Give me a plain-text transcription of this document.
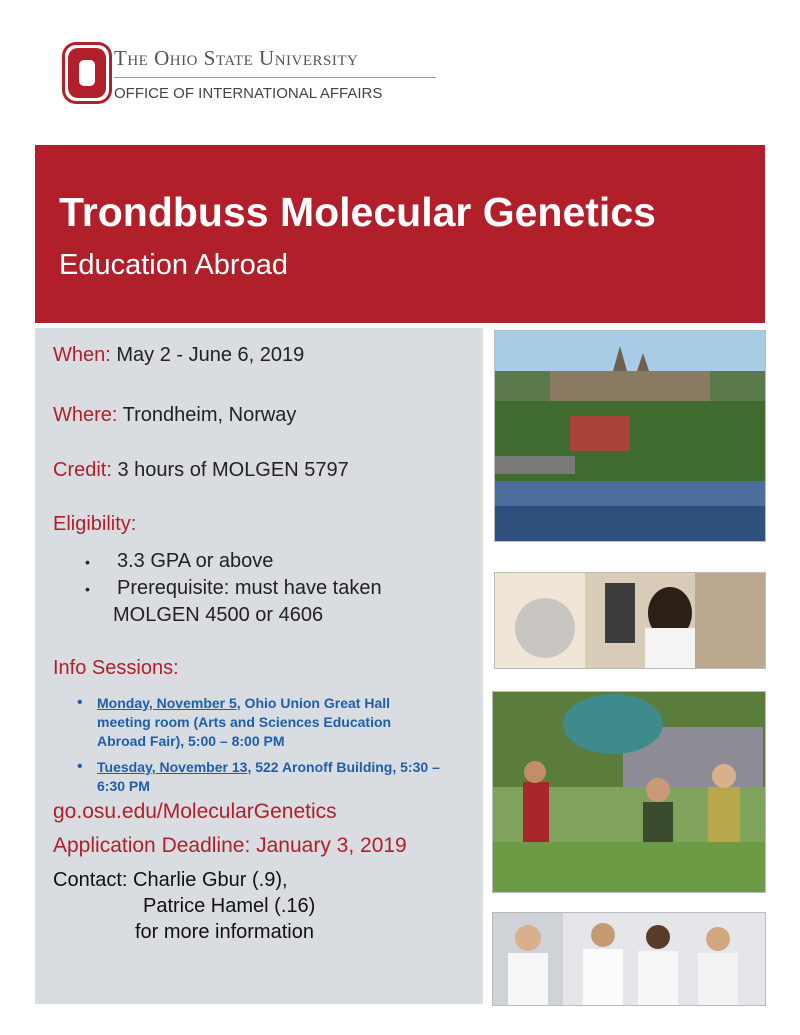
The Ohio State University
OFFICE OF INTERNATIONAL AFFAIRS
Trondbuss Molecular Genetics
Education Abroad
When: May 2 - June 6, 2019
Where: Trondheim, Norway
Credit: 3 hours of MOLGEN 5797
Eligibility:
• 3.3 GPA or above
• Prerequisite: must have taken
MOLGEN 4500 or 4606
Info Sessions:
• Monday, November 5, Ohio Union Great Hall
meeting room (Arts and Sciences Education
Abroad Fair), 5:00 – 8:00 PM
• Tuesday, November 13, 522 Aronoff Building, 5:30 –
6:30 PM
go.osu.edu/MolecularGenetics
Application Deadline: January 3, 2019
Contact: Charlie Gbur (.9),
Patrice Hamel (.16)
for more information
